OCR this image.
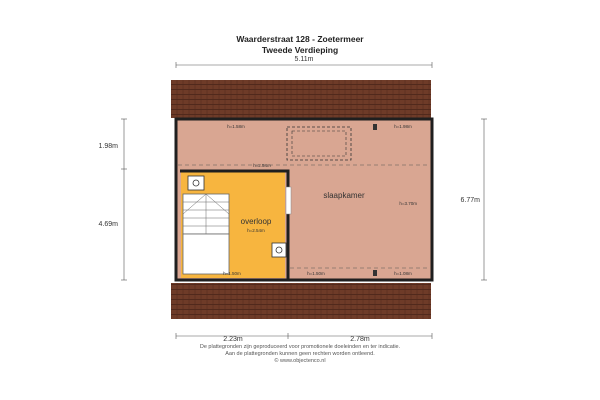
Waarderstraat 128 - Zoetermeer
Tweede Verdieping
slaapkamer
h=3.70m
overloop
h=2.54m
h=1.58m	h=1.98m
h=2.54m
h=1.50m	h=1.50m	h=1.08m
5.11m
1.98m
4.69m
6.77m
2.23m	2.78m
De plattegronden zijn geproduceerd voor promotionele doeleinden en ter indicatie.
Aan de plattegronden kunnen geen rechten worden ontleend.
© www.objectenco.nl
